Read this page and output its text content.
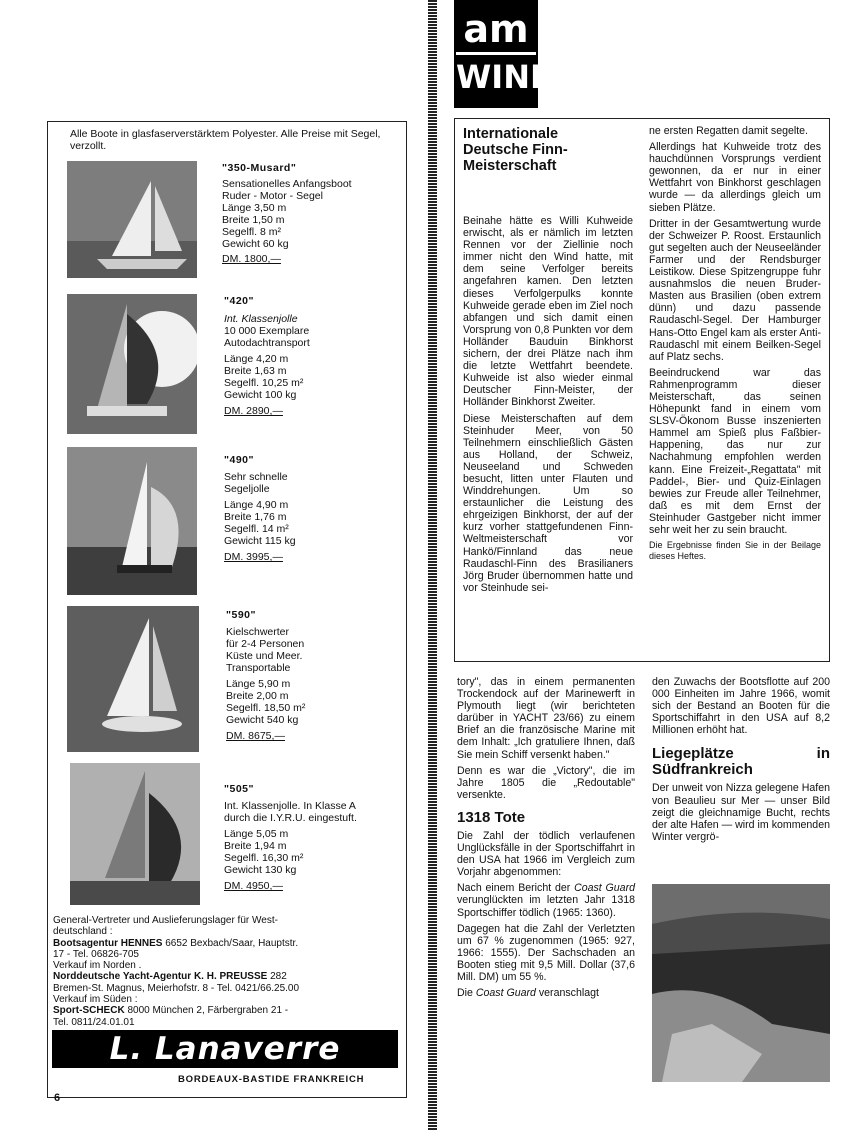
Alle Boote in glasfaserverstärktem Polyester. Alle Preise mit Segel, verzollt.
"350-Musard"
Sensationelles Anfangsboot
Ruder - Motor - Segel
Länge 3,50 m
Breite 1,50 m
Segelfl. 8 m²
Gewicht 60 kg
DM. 1800,—
"420"
Int. Klassenjolle
10 000 Exemplare
Autodachtransport
Länge 4,20 m
Breite 1,63 m
Segelfl. 10,25 m²
Gewicht 100 kg
DM. 2890,—
"490"
Sehr schnelle
Segeljolle
Länge 4,90 m
Breite 1,76 m
Segelfl. 14 m²
Gewicht 115 kg
DM. 3995,—
"590"
Kielschwerter
für 2-4 Personen
Küste und Meer.
Transportable
Länge 5,90 m
Breite 2,00 m
Segelfl. 18,50 m²
Gewicht 540 kg
DM. 8675,—
"505"
Int. Klassenjolle. In Klasse A
durch die I.Y.R.U. eingestuft.
Länge 5,05 m
Breite 1,94 m
Segelfl. 16,30 m²
Gewicht 130 kg
DM. 4950,—
General-Vertreter und Auslieferungslager für West-
deutschland :
Bootsagentur HENNES 6652 Bexbach/Saar, Hauptstr.
17 - Tel. 06826-705
Verkauf im Norden .
Norddeutsche Yacht-Agentur K. H. PREUSSE 282
Bremen-St. Magnus, Meierhofstr. 8 - Tel. 0421/66.25.00
Verkauf im Süden :
Sport-SCHECK 8000 München 2, Färbergraben 21 -
Tel. 0811/24.01.01
L. Lanaverre
BORDEAUX-BASTIDE FRANKREICH
6
am
WIND
Internationale Deutsche Finn-Meisterschaft

Beinahe hätte es Willi Kuhweide erwischt, als er nämlich im letzten Rennen vor der Ziellinie noch immer nicht den Wind hatte, mit dem seine Verfolger bereits angefahren kamen. Den letzten dieses Verfolgerpulks konnte Kuhweide gerade eben im Ziel noch abfangen und sich damit einen Vorsprung von 0,8 Punkten vor dem Holländer Bauduin Binkhorst sichern, der drei Plätze nach ihm die letzte Wettfahrt beendete. Kuhweide ist also wieder einmal Deutscher Finn-Meister, der Holländer Binkhorst Zweiter.

Diese Meisterschaften auf dem Steinhuder Meer, von 50 Teilnehmern einschließlich Gästen aus Holland, der Schweiz, Neuseeland und Schweden besucht, litten unter Flauten und Winddrehungen. Um so erstaunlicher die Leistung des ehrgeizigen Binkhorst, der auf der kurz vorher stattgefundenen Finn-Weltmeisterschaft vor Hankö/Finnland das neue Raudaschl-Finn des Brasilianers Jörg Bruder übernommen hatte und vor Steinhude sei-

ne ersten Regatten damit segelte.

Allerdings hat Kuhweide trotz des hauchdünnen Vorsprungs verdient gewonnen, da er nur in einer Wettfahrt von Binkhorst geschlagen wurde — da allerdings gleich um sieben Plätze.

Dritter in der Gesamtwertung wurde der Schweizer P. Roost. Erstaunlich gut segelten auch der Neuseeländer Farmer und der Rendsburger Leistikow. Diese Spitzengruppe fuhr ausnahmslos die neuen Bruder-Masten aus Brasilien (oben extrem dünn) und dazu passende Raudaschl-Segel. Der Hamburger Hans-Otto Engel kam als erster Anti-Raudaschl mit einem Beilken-Segel auf Platz sechs.

Beeindruckend war das Rahmenprogramm dieser Meisterschaft, das seinen Höhepunkt fand in einem vom SLSV-Ökonom Busse inszenierten Hammel am Spieß plus Faßbier-Happening, das nur zur Nachahmung empfohlen werden kann. Eine Freizeit-„Regattata" mit Paddel-, Bier- und Quiz-Einlagen bewies zur Freude aller Teilnehmer, daß es mit dem Ernst der Steinhuder Gastgeber nicht immer sehr weit her zu sein braucht.

Die Ergebnisse finden Sie in der Beilage dieses Heftes.

tory", das in einem permanenten Trockendock auf der Marinewerft in Plymouth liegt (wir berichteten darüber in YACHT 23/66) zu einem Brief an die französische Marine mit dem Inhalt: „Ich gratuliere Ihnen, daß Sie mein Schiff versenkt haben."

Denn es war die „Victory", die im Jahre 1805 die „Redoutable" versenkte.

1318 Tote

Die Zahl der tödlich verlaufenen Unglücksfälle in der Sportschiffahrt in den USA hat 1966 im Vergleich zum Vorjahr abgenommen:

Nach einem Bericht der Coast Guard verunglückten im letzten Jahr 1318 Sportschiffer tödlich (1965: 1360).

Dagegen hat die Zahl der Verletzten um 67 % zugenommen (1965: 927, 1966: 1555). Der Sachschaden an Booten stieg mit 9,5 Mill. Dollar (37,6 Mill. DM) um 55 %.

Die Coast Guard veranschlagt

den Zuwachs der Bootsflotte auf 200 000 Einheiten im Jahre 1966, womit sich der Bestand an Booten für die Sportschiffahrt in den USA auf 8,2 Millionen erhöht hat.

Liegeplätze in Südfrankreich

Der unweit von Nizza gelegene Hafen von Beaulieu sur Mer — unser Bild zeigt die gleichnamige Bucht, rechts der alte Hafen — wird im kommenden Winter vergrö-
